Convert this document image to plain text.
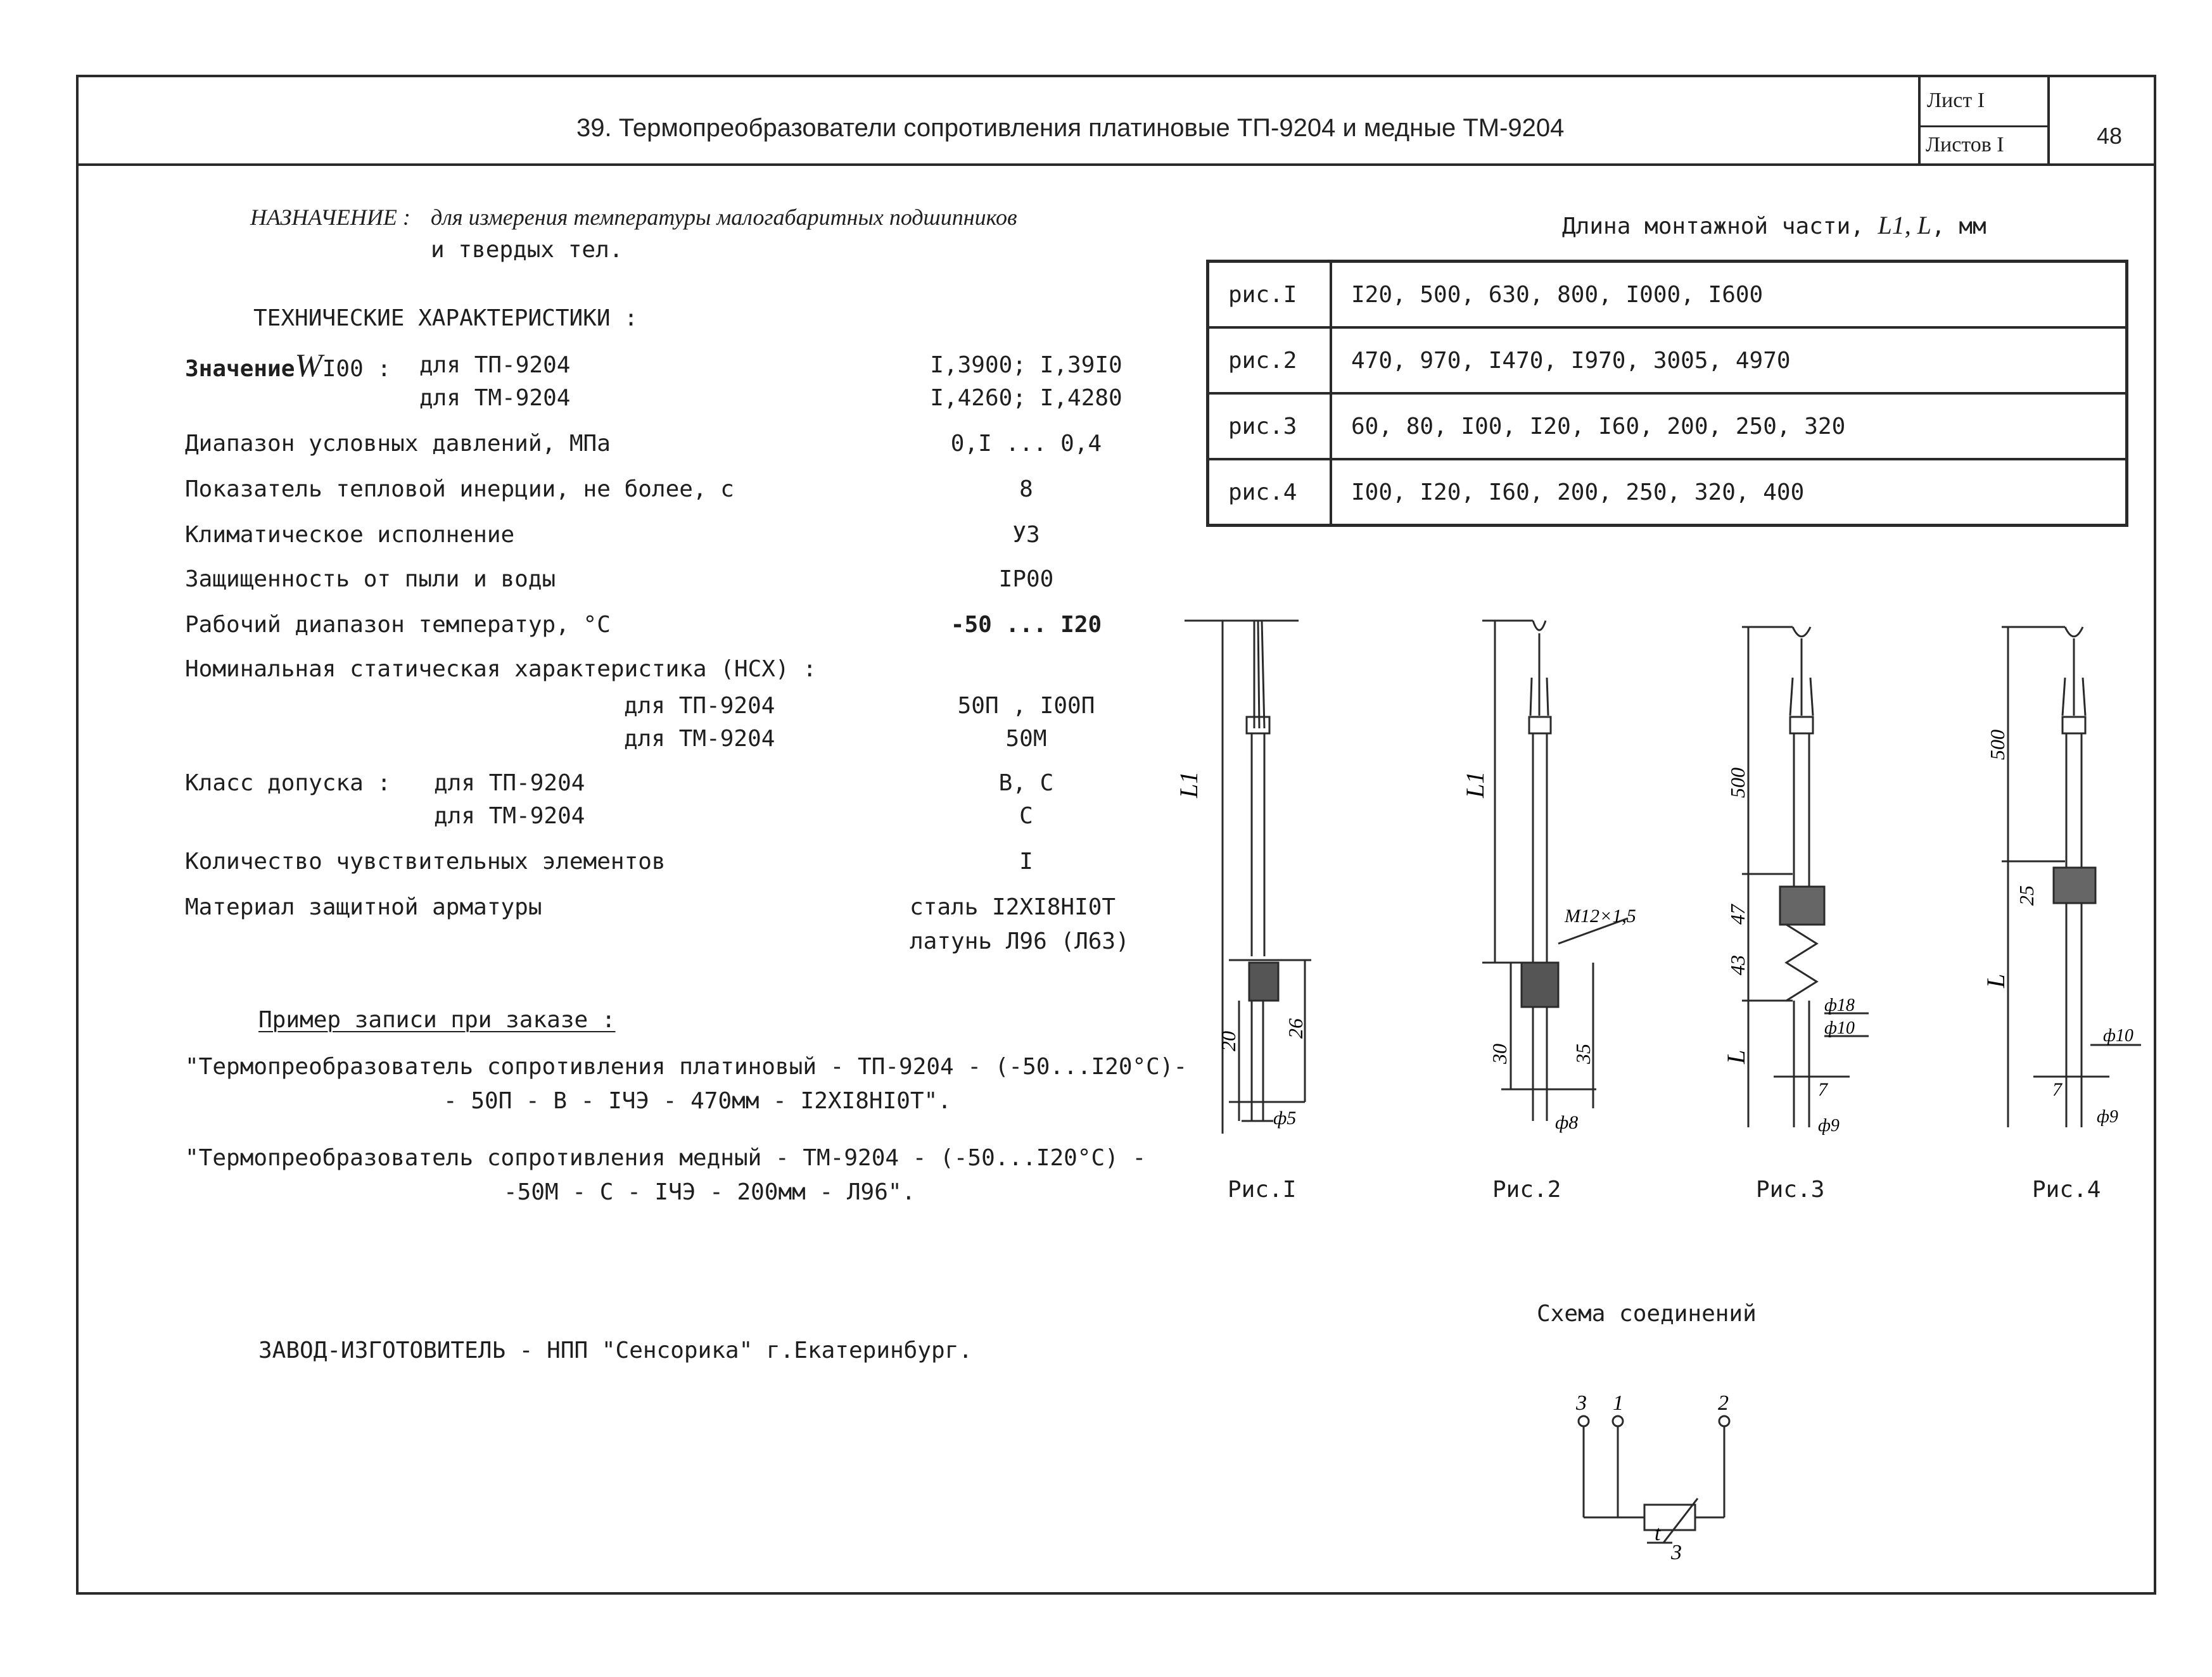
39. Термопреобразователи сопротивления платиновые ТП-9204 и медные ТМ-9204
Лист I
Листов I	48
НАЗНАЧЕНИЕ : для измерения температуры малогабаритных подшипников
и твердых тел.
ТЕХНИЧЕСКИЕ ХАРАКТЕРИСТИКИ :
ЗначениеWI00 : для ТП-9204	I,3900; I,39I0
для ТМ-9204	I,4260; I,4280
Диапазон условных давлений, МПа	0,I ... 0,4
Показатель тепловой инерции, не более, с	8
Климатическое исполнение	У3
Защищенность от пыли и воды	IP00
Рабочий диапазон температур, °C	-50 ... I20
Номинальная статическая характеристика (НСХ) :
для ТП-9204	50П , I00П
для ТМ-9204	50М
Класс допуска : для ТП-9204	В, С
для ТМ-9204	С
Количество чувствительных элементов	I
Материал защитной арматуры	сталь I2XI8HI0T
латунь Л96 (Л63)
Пример записи при заказе :
"Термопреобразователь сопротивления платиновый - ТП-9204 - (-50...I20°C)-
- 50П - В - IЧЭ - 470мм - I2XI8HI0T".
"Термопреобразователь сопротивления медный - ТМ-9204 - (-50...I20°C) -
-50М - С - IЧЭ - 200мм - Л96".
ЗАВОД-ИЗГОТОВИТЕЛЬ - НПП "Сенсорика" г.Екатеринбург.
Длина монтажной части, L1, L, мм
рис.I	I20, 500, 630, 800, I000, I600
рис.2	470, 970, I470, I970, 3005, 4970
рис.3	60, 80, I00, I20, I60, 200, 250, 320
рис.4	I00, I20, I60, 200, 250, 320, 400
L1
20
26
ф5
Рис.I
L1
30	35
ф8
M12×1,5
Рис.2
500
47
43
L
ф18
ф10
7
ф9
Рис.3
500
25
L
ф10
7
ф9
Рис.4
Схема соединений
3 1	2
t
3
